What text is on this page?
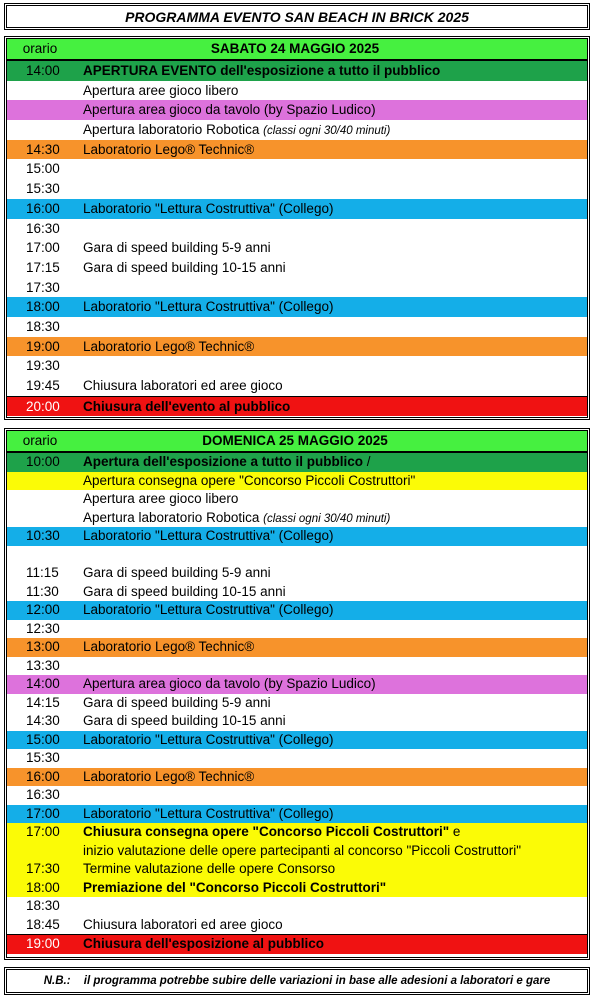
PROGRAMMA EVENTO SAN BEACH IN BRICK 2025
orario	SABATO 24 MAGGIO 2025
14:00	APERTURA EVENTO dell'esposizione a tutto il pubblico
Apertura aree gioco libero
Apertura area gioco da tavolo (by Spazio Ludico)
Apertura laboratorio Robotica (classi ogni 30/40 minuti)
14:30	Laboratorio Lego® Technic®
15:00
15:30
16:00	Laboratorio "Lettura Costruttiva" (Collego)
16:30
17:00	Gara di speed building 5-9 anni
17:15	Gara di speed building 10-15 anni
17:30
18:00	Laboratorio "Lettura Costruttiva" (Collego)
18:30
19:00	Laboratorio Lego® Technic®
19:30
19:45	Chiusura laboratori ed aree gioco
20:00	Chiusura dell'evento al pubblico
orario	DOMENICA 25 MAGGIO 2025
10:00	Apertura dell'esposizione a tutto il pubblico /
Apertura consegna opere "Concorso Piccoli Costruttori"
Apertura aree gioco libero
Apertura laboratorio Robotica (classi ogni 30/40 minuti)
10:30	Laboratorio "Lettura Costruttiva" (Collego)
11:15	Gara di speed building 5-9 anni
11:30	Gara di speed building 10-15 anni
12:00	Laboratorio "Lettura Costruttiva" (Collego)
12:30
13:00	Laboratorio Lego® Technic®
13:30
14:00	Apertura area gioco da tavolo (by Spazio Ludico)
14:15	Gara di speed building 5-9 anni
14:30	Gara di speed building 10-15 anni
15:00	Laboratorio "Lettura Costruttiva" (Collego)
15:30
16:00	Laboratorio Lego® Technic®
16:30
17:00	Laboratorio "Lettura Costruttiva" (Collego)
17:00	Chiusura consegna opere "Concorso Piccoli Costruttori" e
inizio valutazione delle opere partecipanti al concorso "Piccoli Costruttori"
17:30	Termine valutazione delle opere Consorso
18:00	Premiazione del "Concorso Piccoli Costruttori"
18:30
18:45	Chiusura laboratori ed aree gioco
19:00	Chiusura dell'esposizione al pubblico
N.B.: il programma potrebbe subire delle variazioni in base alle adesioni a laboratori e gare
